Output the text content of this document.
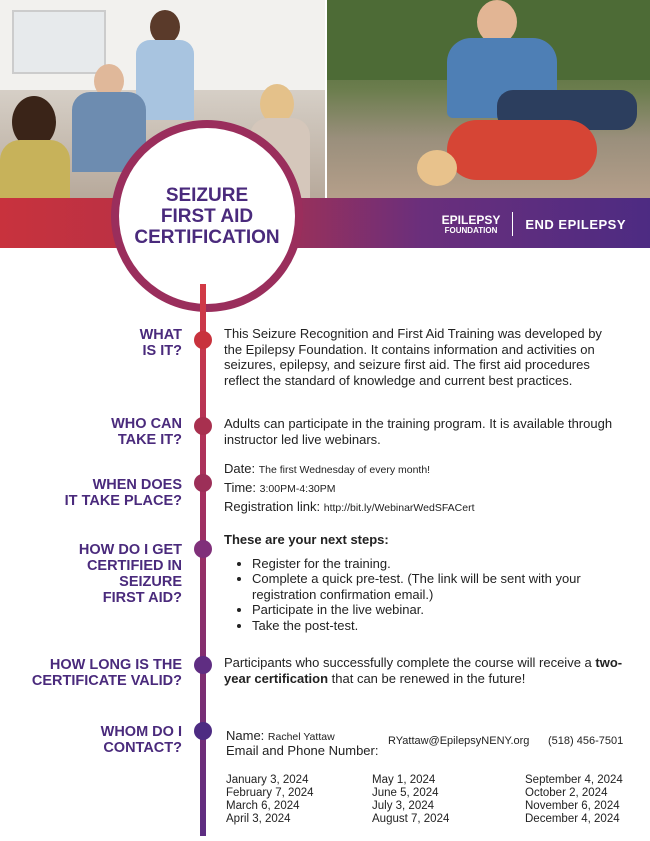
SEIZURE
FIRST AID
CERTIFICATION
EPILEPSY
FOUNDATION END EPILEPSY
WHAT
IS IT?
This Seizure Recognition and First Aid Training was developed by the Epilepsy Foundation. It contains information and activities on seizures, epilepsy, and seizure first aid. The first aid procedures reflect the standard of knowledge and current best practices.
WHO CAN
TAKE IT?
Adults can participate in the training program. It is available through instructor led live webinars.
WHEN DOES
IT TAKE PLACE?
Date: The first Wednesday of every month!
Time: 3:00PM-4:30PM
Registration link: http://bit.ly/WebinarWedSFACert
HOW DO I GET
CERTIFIED IN
SEIZURE
FIRST AID?
These are your next steps:
• Register for the training.
• Complete a quick pre-test. (The link will be sent with your registration confirmation email.)
• Participate in the live webinar.
• Take the post-test.
HOW LONG IS THE
CERTIFICATE VALID?
Participants who successfully complete the course will receive a two-year certification that can be renewed in the future!
WHOM DO I
CONTACT?
Name: Rachel Yattaw
Email and Phone Number:
RYattaw@EpilepsyNENY.org	(518) 456-7501
January 3, 2024
February 7, 2024
March 6, 2024
April 3, 2024
May 1, 2024
June 5, 2024
July 3, 2024
August 7, 2024
September 4, 2024
October 2, 2024
November 6, 2024
December 4, 2024
